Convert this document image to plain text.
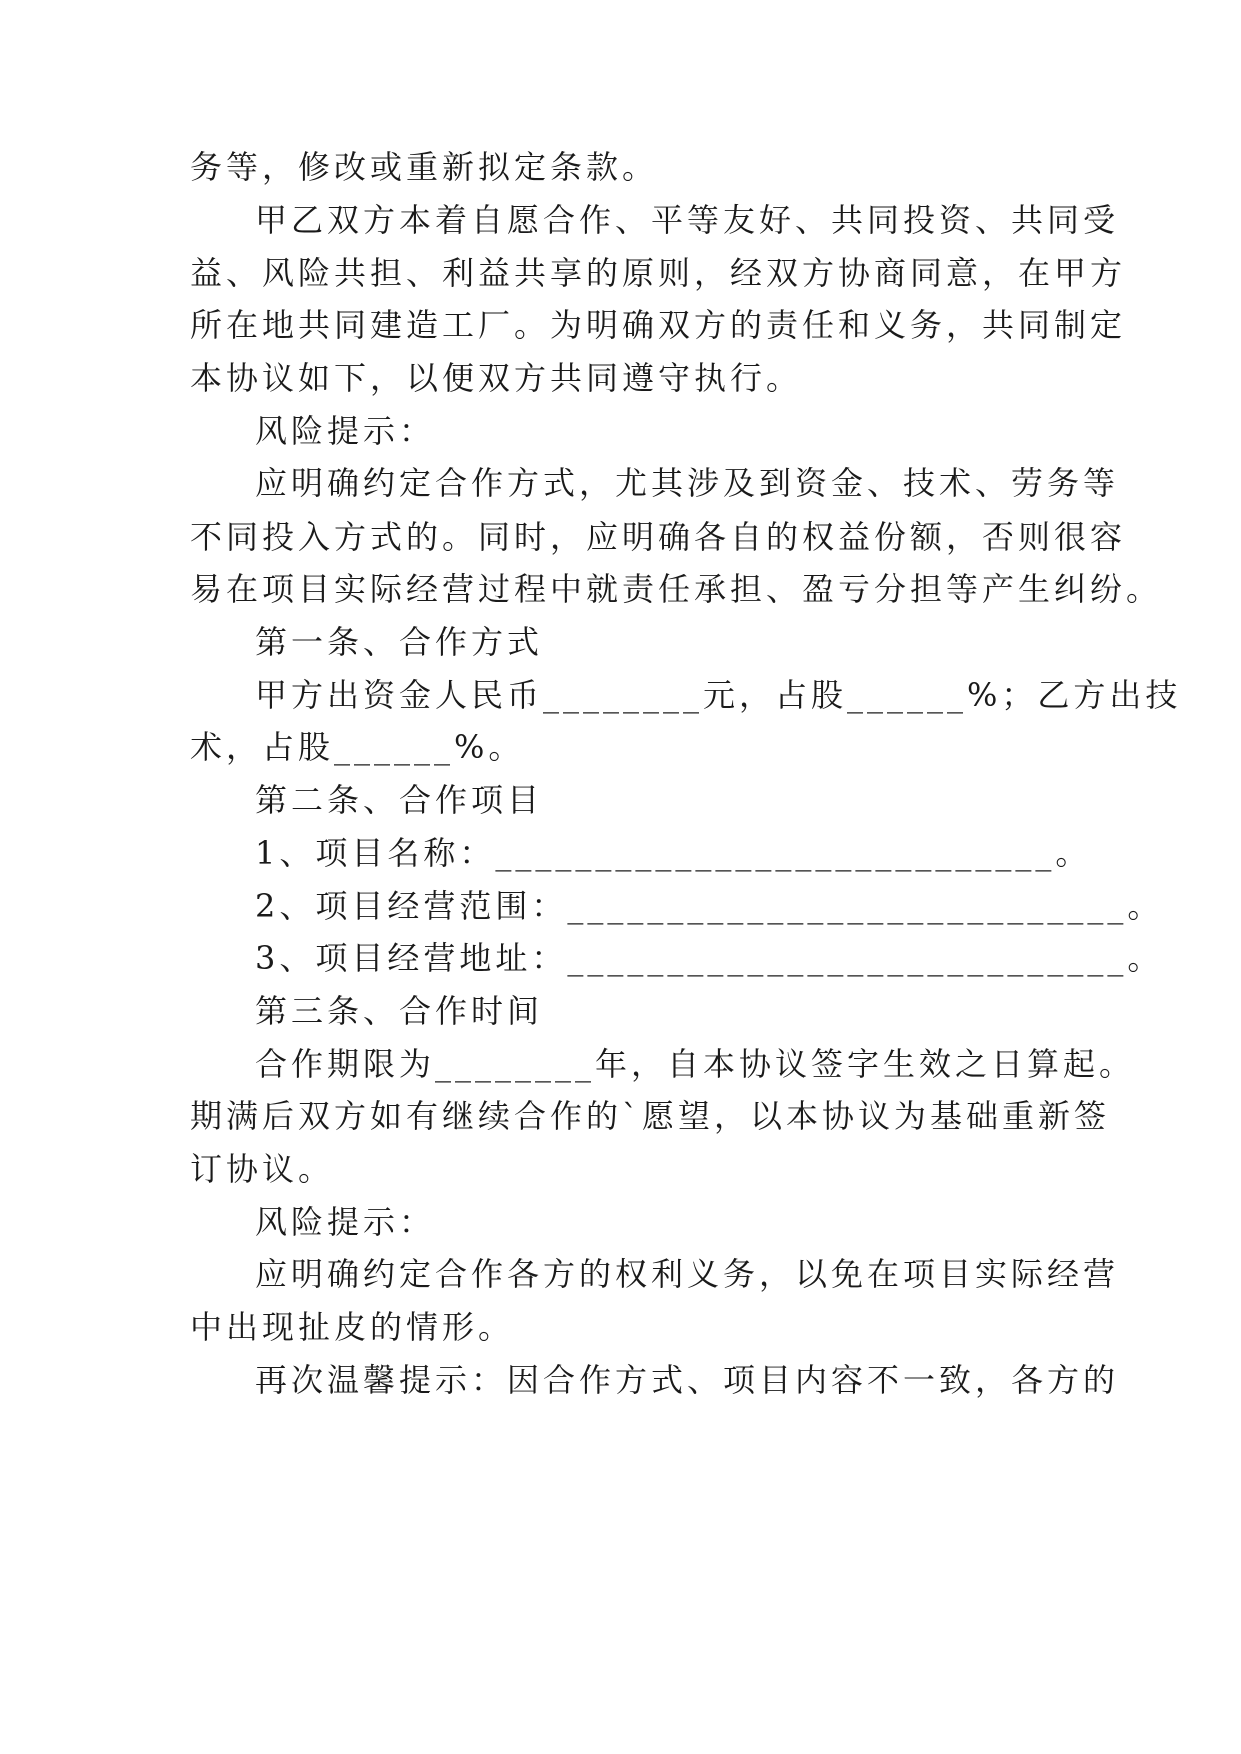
务等，修改或重新拟定条款。
甲乙双方本着自愿合作、平等友好、共同投资、共同受
益、风险共担、利益共享的原则，经双方协商同意，在甲方
所在地共同建造工厂。为明确双方的责任和义务，共同制定
本协议如下，以便双方共同遵守执行。
风险提示：
应明确约定合作方式，尤其涉及到资金、技术、劳务等
不同投入方式的。同时，应明确各自的权益份额，否则很容
易在项目实际经营过程中就责任承担、盈亏分担等产生纠纷。
第一条、合作方式
甲方出资金人民币________元，占股______%；乙方出技
术，占股______%。
第二条、合作项目
1、项目名称：____________________________。
2、项目经营范围：____________________________。
3、项目经营地址：____________________________。
第三条、合作时间
合作期限为________年，自本协议签字生效之日算起。
期满后双方如有继续合作的`愿望，以本协议为基础重新签
订协议。
风险提示：
应明确约定合作各方的权利义务，以免在项目实际经营
中出现扯皮的情形。
再次温馨提示：因合作方式、项目内容不一致，各方的
